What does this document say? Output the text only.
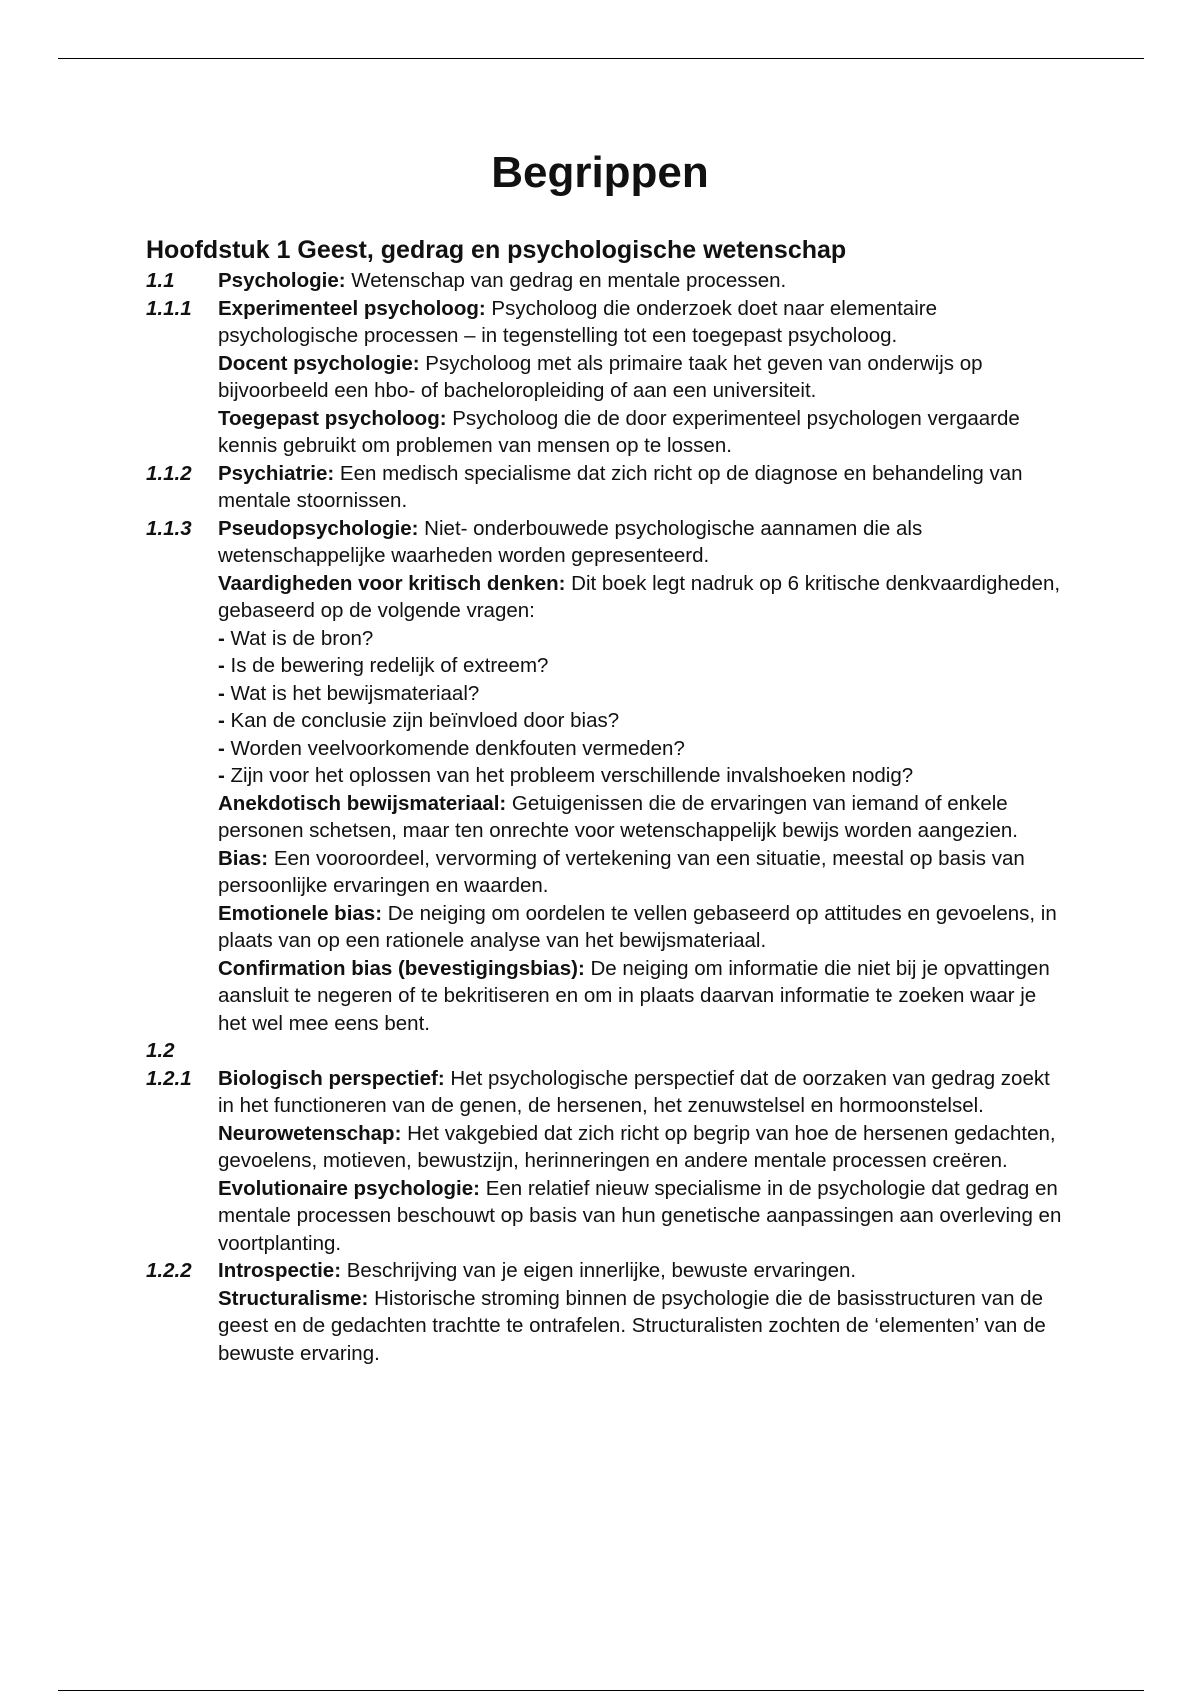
Begrippen
Hoofdstuk 1 Geest, gedrag en psychologische wetenschap
1.1	Psychologie: Wetenschap van gedrag en mentale processen.
1.1.1	Experimenteel psycholoog: Psycholoog die onderzoek doet naar elementaire psychologische processen – in tegenstelling tot een toegepast psycholoog.
Docent psychologie: Psycholoog met als primaire taak het geven van onderwijs op bijvoorbeeld een hbo- of bacheloropleiding of aan een universiteit.
Toegepast psycholoog: Psycholoog die de door experimenteel psychologen vergaarde kennis gebruikt om problemen van mensen op te lossen.
1.1.2	Psychiatrie: Een medisch specialisme dat zich richt op de diagnose en behandeling van mentale stoornissen.
1.1.3	Pseudopsychologie: Niet- onderbouwede psychologische aannamen die als wetenschappelijke waarheden worden gepresenteerd.
Vaardigheden voor kritisch denken: Dit boek legt nadruk op 6 kritische denkvaardigheden, gebaseerd op de volgende vragen:
- Wat is de bron?
- Is de bewering redelijk of extreem?
- Wat is het bewijsmateriaal?
- Kan de conclusie zijn beïnvloed door bias?
- Worden veelvoorkomende denkfouten vermeden?
- Zijn voor het oplossen van het probleem verschillende invalshoeken nodig?
Anekdotisch bewijsmateriaal: Getuigenissen die de ervaringen van iemand of enkele personen schetsen, maar ten onrechte voor wetenschappelijk bewijs worden aangezien.
Bias: Een vooroordeel, vervorming of vertekening van een situatie, meestal op basis van persoonlijke ervaringen en waarden.
Emotionele bias: De neiging om oordelen te vellen gebaseerd op attitudes en gevoelens, in plaats van op een rationele analyse van het bewijsmateriaal.
Confirmation bias (bevestigingsbias): De neiging om informatie die niet bij je opvattingen aansluit te negeren of te bekritiseren en om in plaats daarvan informatie te zoeken waar je het wel mee eens bent.
1.2
1.2.1	Biologisch perspectief: Het psychologische perspectief dat de oorzaken van gedrag zoekt in het functioneren van de genen, de hersenen, het zenuwstelsel en hormoonstelsel.
Neurowetenschap: Het vakgebied dat zich richt op begrip van hoe de hersenen gedachten, gevoelens, motieven, bewustzijn, herinneringen en andere mentale processen creëren.
Evolutionaire psychologie: Een relatief nieuw specialisme in de psychologie dat gedrag en mentale processen beschouwt op basis van hun genetische aanpassingen aan overleving en voortplanting.
1.2.2	Introspectie: Beschrijving van je eigen innerlijke, bewuste ervaringen.
Structuralisme: Historische stroming binnen de psychologie die de basisstructuren van de geest en de gedachten trachtte te ontrafelen. Structuralisten zochten de ‘elementen’ van de bewuste ervaring.
